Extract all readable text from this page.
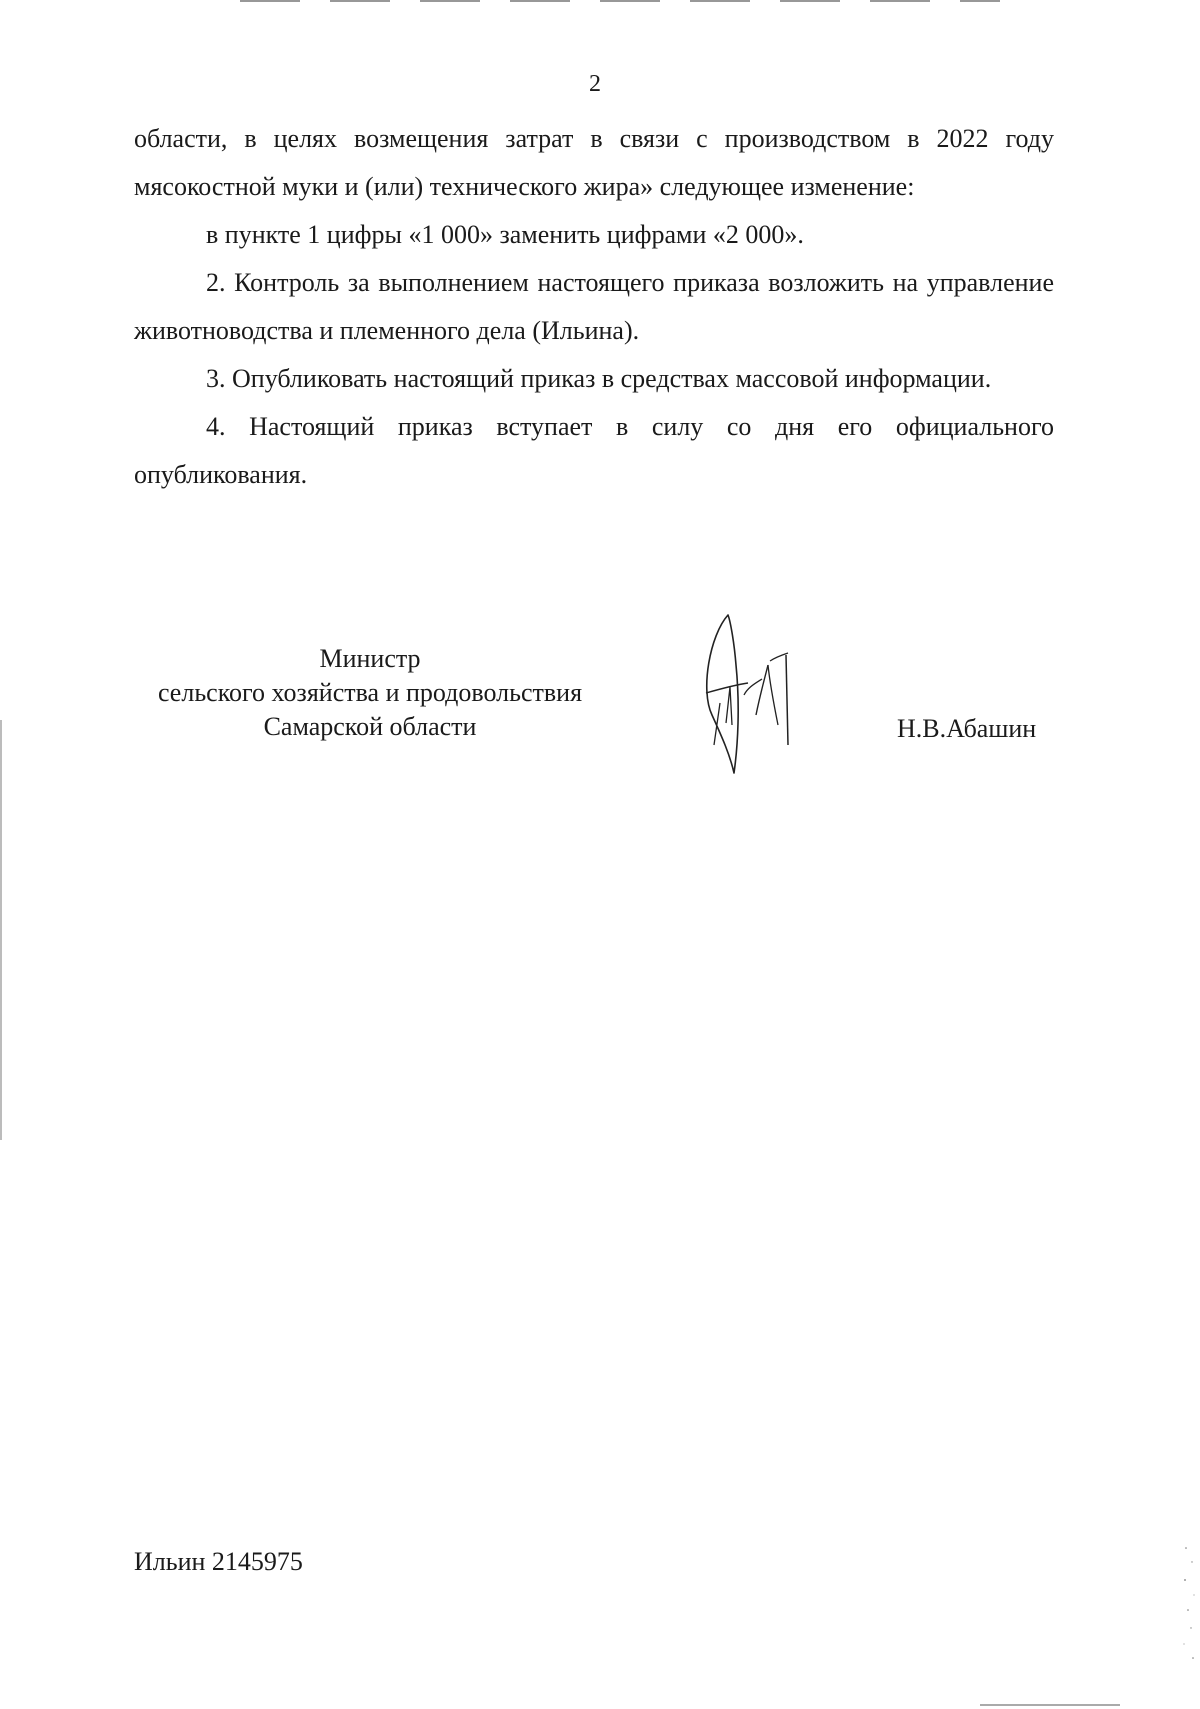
2

области, в целях возмещения затрат в связи с производством в 2022 году мясокостной муки и (или) технического жира» следующее изменение:

в пункте 1 цифры «1 000» заменить цифрами «2 000».

2. Контроль за выполнением настоящего приказа возложить на управление животноводства и племенного дела (Ильина).

3. Опубликовать настоящий приказ в средствах массовой информации.

4. Настоящий приказ вступает в силу со дня его официального опубликования.

Министр
сельского хозяйства и продовольствия
Самарской области	Н.В.Абашин
Ильин 2145975
